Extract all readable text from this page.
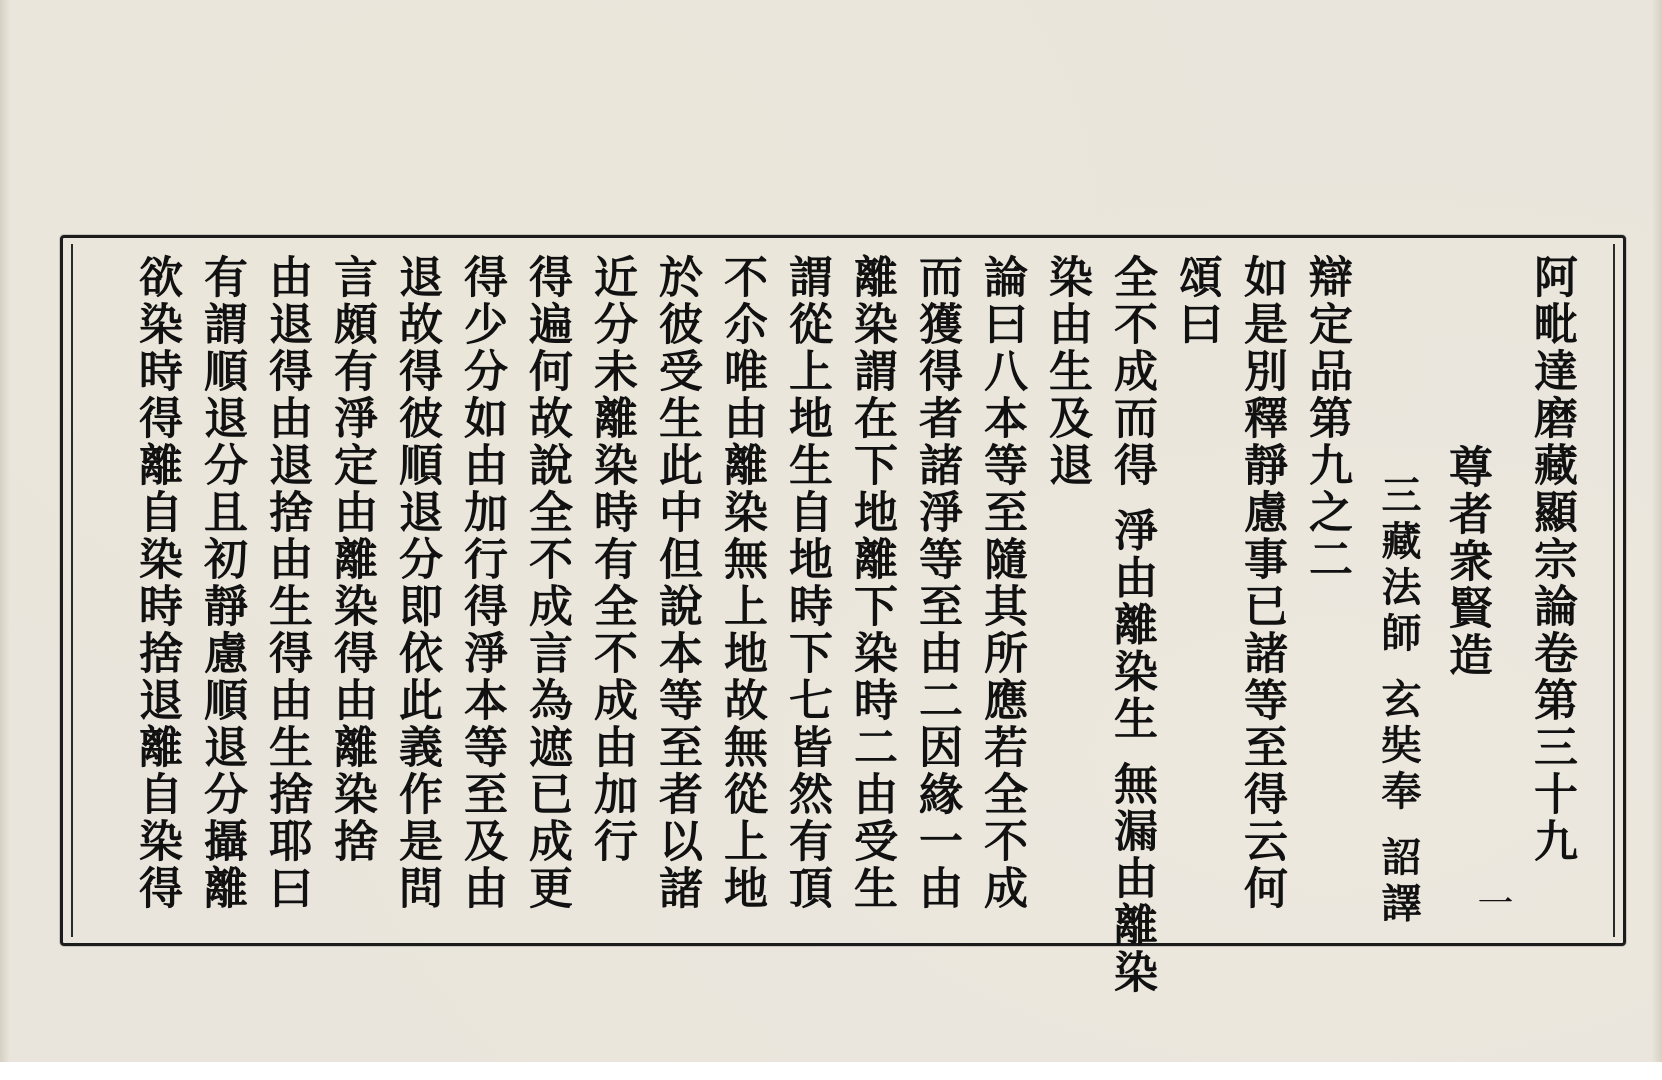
阿毗達磨藏顯宗論卷第三十九
尊者衆賢造
三藏法師 玄奘奉 詔譯
辯定品第九之二
如是別釋靜慮事已諸等至得云何
頌曰
全不成而得 淨由離染生 無漏由離染
染由生及退
論曰八本等至隨其所應若全不成
而獲得者諸淨等至由二因緣一由
離染謂在下地離下染時二由受生
謂從上地生自地時下七皆然有頂
不尒唯由離染無上地故無從上地
於彼受生此中但說本等至者以諸
近分未離染時有全不成由加行
得遍何故說全不成言為遮已成更
得少分如由加行得淨本等至及由
退故得彼順退分即依此義作是問
言頗有淨定由離染得由離染捨
由退得由退捨由生得由生捨耶曰
有謂順退分且初靜慮順退分攝離
欲染時得離自染時捨退離自染得	一
